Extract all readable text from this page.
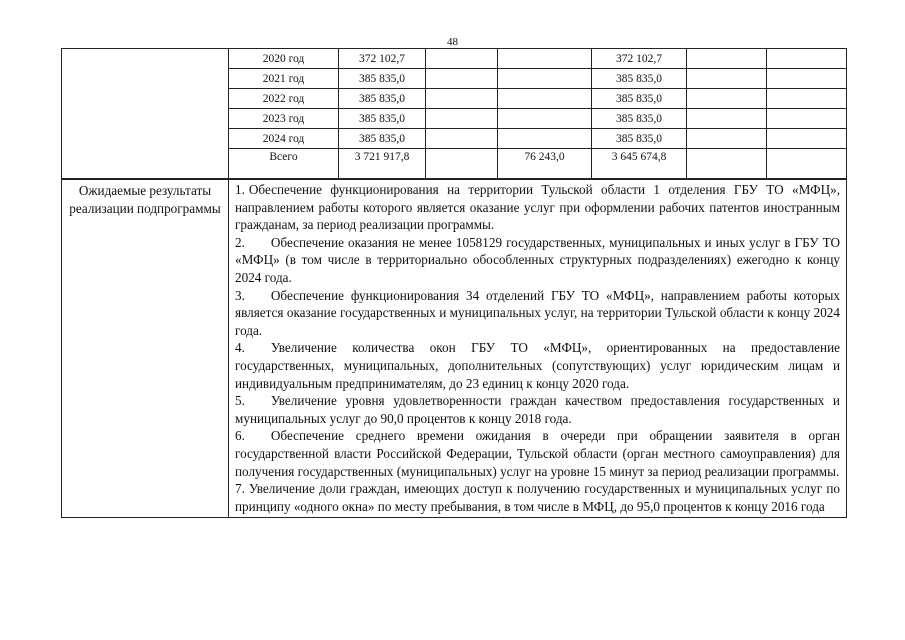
48
	2020 год	372 102,7			372 102,7		
	2021 год	385 835,0			385 835,0		
	2022 год	385 835,0			385 835,0		
	2023 год	385 835,0			385 835,0		
	2024 год	385 835,0			385 835,0		
	Всего	3 721 917,8		76 243,0	3 645 674,8		
Ожидаемые результаты реализации подпрограммы	

1. Обеспечение функционирования на территории Тульской области 1 отделения ГБУ ТО «МФЦ», направлением работы которого является оказание услуг при оформлении рабочих патентов иностранным гражданам, за период реализации программы.

2. Обеспечение оказания не менее 1058129 государственных, муниципальных и иных услуг в ГБУ ТО «МФЦ» (в том числе в территориально обособленных структурных подразделениях) ежегодно к концу 2024 года.

3. Обеспечение функционирования 34 отделений ГБУ ТО «МФЦ», направлением работы которых является оказание государственных и муниципальных услуг, на территории Тульской области к концу 2024 года.

4. Увеличение количества окон ГБУ ТО «МФЦ», ориентированных на предоставление государственных, муниципальных, дополнительных (сопутствующих) услуг юридическим лицам и индивидуальным предпринимателям, до 23 единиц к концу 2020 года.

5. Увеличение уровня удовлетворенности граждан качеством предоставления государственных и муниципальных услуг до 90,0 процентов к концу 2018 года.

6. Обеспечение среднего времени ожидания в очереди при обращении заявителя в орган государственной власти Российской Федерации, Тульской области (орган местного самоуправления) для получения государственных (муниципальных) услуг на уровне 15 минут за период реализации программы.

7. Увеличение доли граждан, имеющих доступ к получению государственных и муниципальных услуг по принципу «одного окна» по месту пребывания, в том числе в МФЦ, до 95,0 процентов к концу 2016 года
